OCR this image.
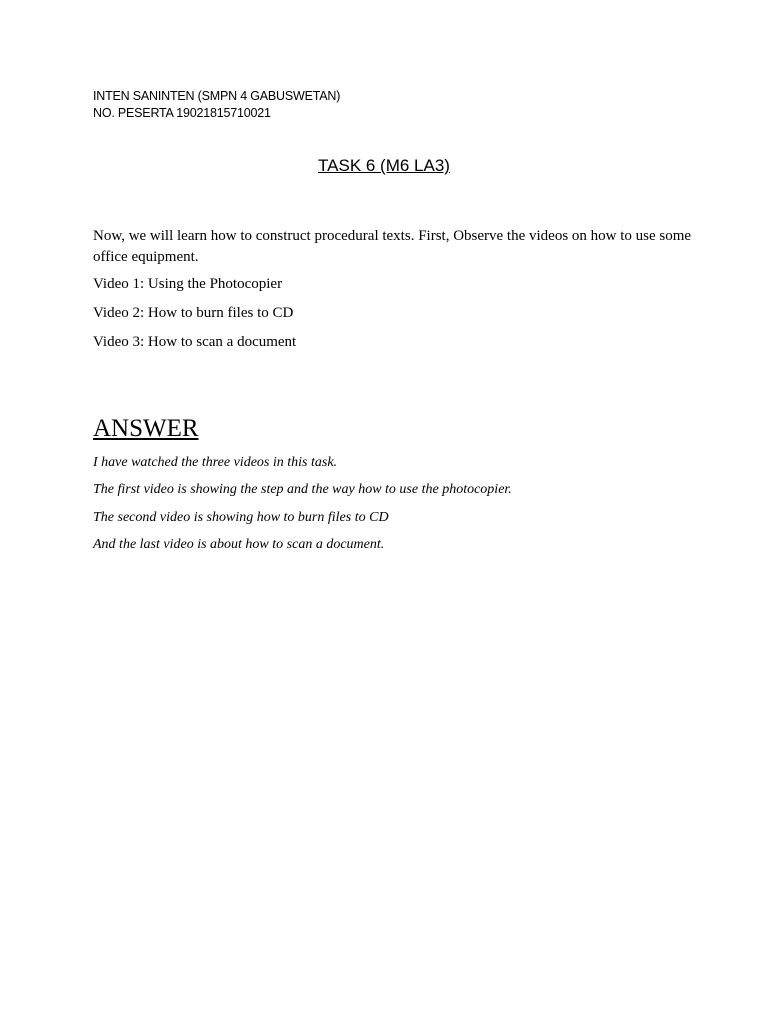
INTEN SANINTEN (SMPN 4 GABUSWETAN)
NO. PESERTA 19021815710021
TASK 6 (M6 LA3)

Now, we will learn how to construct procedural texts. First, Observe the videos on how to use some office equipment.

Video 1: Using the Photocopier

Video 2: How to burn files to CD

Video 3: How to scan a document

ANSWER

I have watched the three videos in this task.

The first video is showing the step and the way how to use the photocopier.

The second video is showing how to burn files to CD

And the last video is about how to scan a document.
